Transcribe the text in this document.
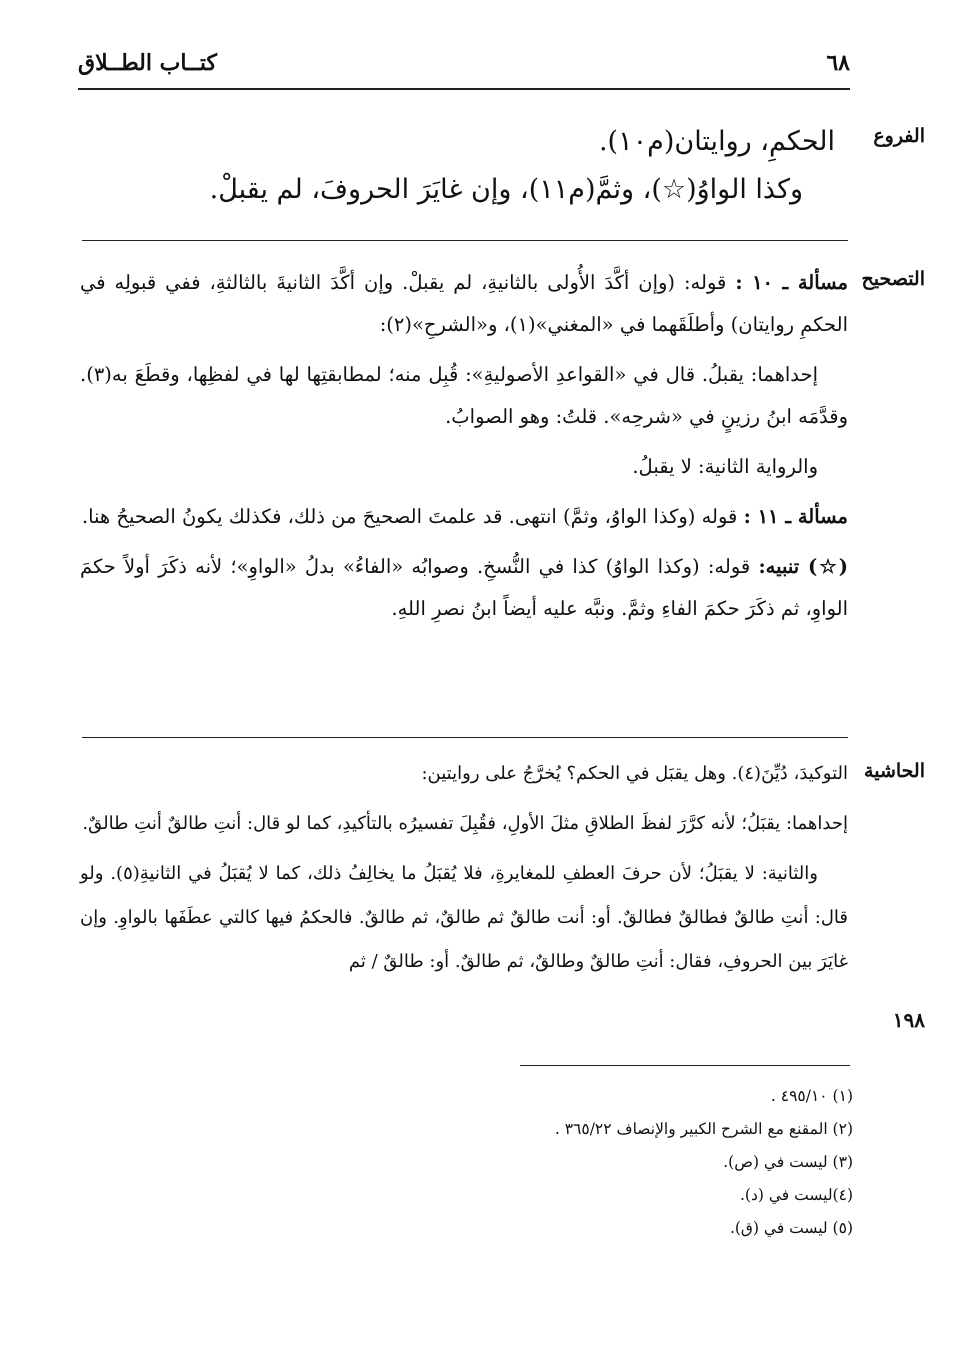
٦٨
كتــاب الطــلاق
الفروع

الحكمِ، روايتان(م١٠).

وكذا الواوُ(☆)، وثمَّ(م١١)، وإن غايَرَ الحروفَ، لم يقبلْ.

التصحيح

مسألة ـ ١٠ : قوله: (وإن أكَّدَ الأُولى بالثانيةِ، لم يقبلْ. وإن أكَّدَ الثانيةَ بالثالثةِ، ففي قبولِه في الحكمِ روايتان) وأطلَقَهما في «المغني»(١)، و«الشرحِ»(٢):

إحداهما: يقبلُ. قال في «القواعدِ الأصوليةِ»: قُبِل منه؛ لمطابقتِها لها في لفظِها، وقطَعَ به(٣). وقدَّمَه ابنُ رزينٍ في «شرحِه». قلتُ: وهو الصوابُ.

والرواية الثانية: لا يقبلُ.

مسألة ـ ١١ : قوله (وكذا الواوُ، وثمَّ) انتهى. قد علمتَ الصحيحَ من ذلك، فكذلك يكونُ الصحيحُ هنا.

(☆) تنبيه: قوله: (وكذا الواوُ) كذا في النُّسخِ. وصوابُه «الفاءُ» بدلُ «الواوِ»؛ لأنه ذكَرَ أولاً حكمَ الواوِ، ثم ذكَرَ حكمَ الفاءِ وثمَّ. ونبَّه عليه أيضاً ابنُ نصرِ اللهِ.

الحاشية
١٩٨

التوكيدَ، دُيِّنَ(٤). وهل يقبَل في الحكم؟ يُخرَّجُ على روايتين:

إحداهما: يقبَلُ؛ لأنه كرَّرَ لفظَ الطلاقِ مثلَ الأولِ، فقُبِلَ تفسيرُه بالتأكيدِ، كما لو قال: أنتِ طالقٌ أنتِ طالقٌ.

والثانية: لا يقبَلُ؛ لأن حرفَ العطفِ للمغايرةِ، فلا يُقبَلُ ما يخالِفُ ذلك، كما لا يُقبَلُ في الثانيةِ(٥). ولو قال: أنتِ طالقٌ فطالقٌ فطالقٌ. أو: أنت طالقٌ ثم طالقٌ، ثم طالقٌ. فالحكمُ فيها كالتي عطَفَها بالواوِ. وإن غايَرَ بين الحروفِ، فقال: أنتِ طالقٌ وطالقٌ، ثم طالقٌ. أو: طالقٌ / ثم

(١) ٤٩٥/١٠ .
(٢) المقنع مع الشرح الكبير والإنصاف ٣٦٥/٢٢ .
(٣) ليست في (ص).
(٤)ليست في (د).
(٥) ليست في (ق).
